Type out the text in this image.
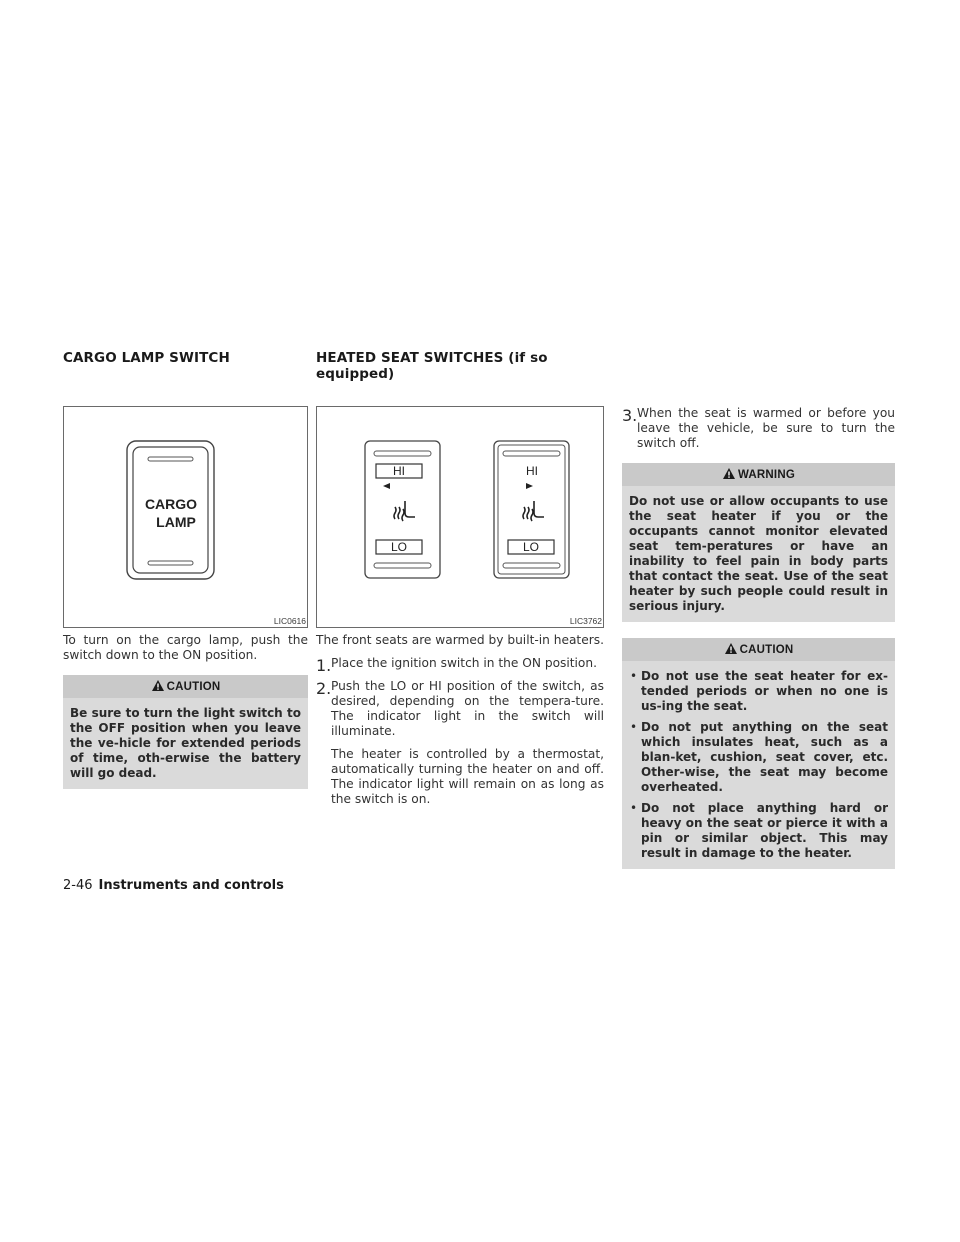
CARGO LAMP SWITCH
CARGO
LAMP
LIC0616

To turn on the cargo lamp, push the switch down to the ON position.

CAUTION
Be sure to turn the light switch to the OFF position when you leave the ve-hicle for extended periods of time, oth-erwise the battery will go dead.
HEATED SEAT SWITCHES (if so
equipped)
HI
LO
HI
LO
LIC3762

The front seats are warmed by built-in heaters.

1. Place the ignition switch in the ON position.

2. Push the LO or HI position of the switch, as desired, depending on the tempera-ture. The indicator light in the switch will illuminate.

The heater is controlled by a thermostat, automatically turning the heater on and off. The indicator light will remain on as long as the switch is on.

3. When the seat is warmed or before you leave the vehicle, be sure to turn the switch off.

WARNING
Do not use or allow occupants to use the seat heater if you or the occupants cannot monitor elevated seat tem-peratures or have an inability to feel pain in body parts that contact the seat. Use of the seat heater by such people could result in serious injury.
CAUTION
• Do not use the seat heater for ex-tended periods or when no one is us-ing the seat.
• Do not put anything on the seat which insulates heat, such as a blan-ket, cushion, seat cover, etc. Other-wise, the seat may become overheated.
• Do not place anything hard or heavy on the seat or pierce it with a pin or similar object. This may result in damage to the heater.
2-46 Instruments and controls
